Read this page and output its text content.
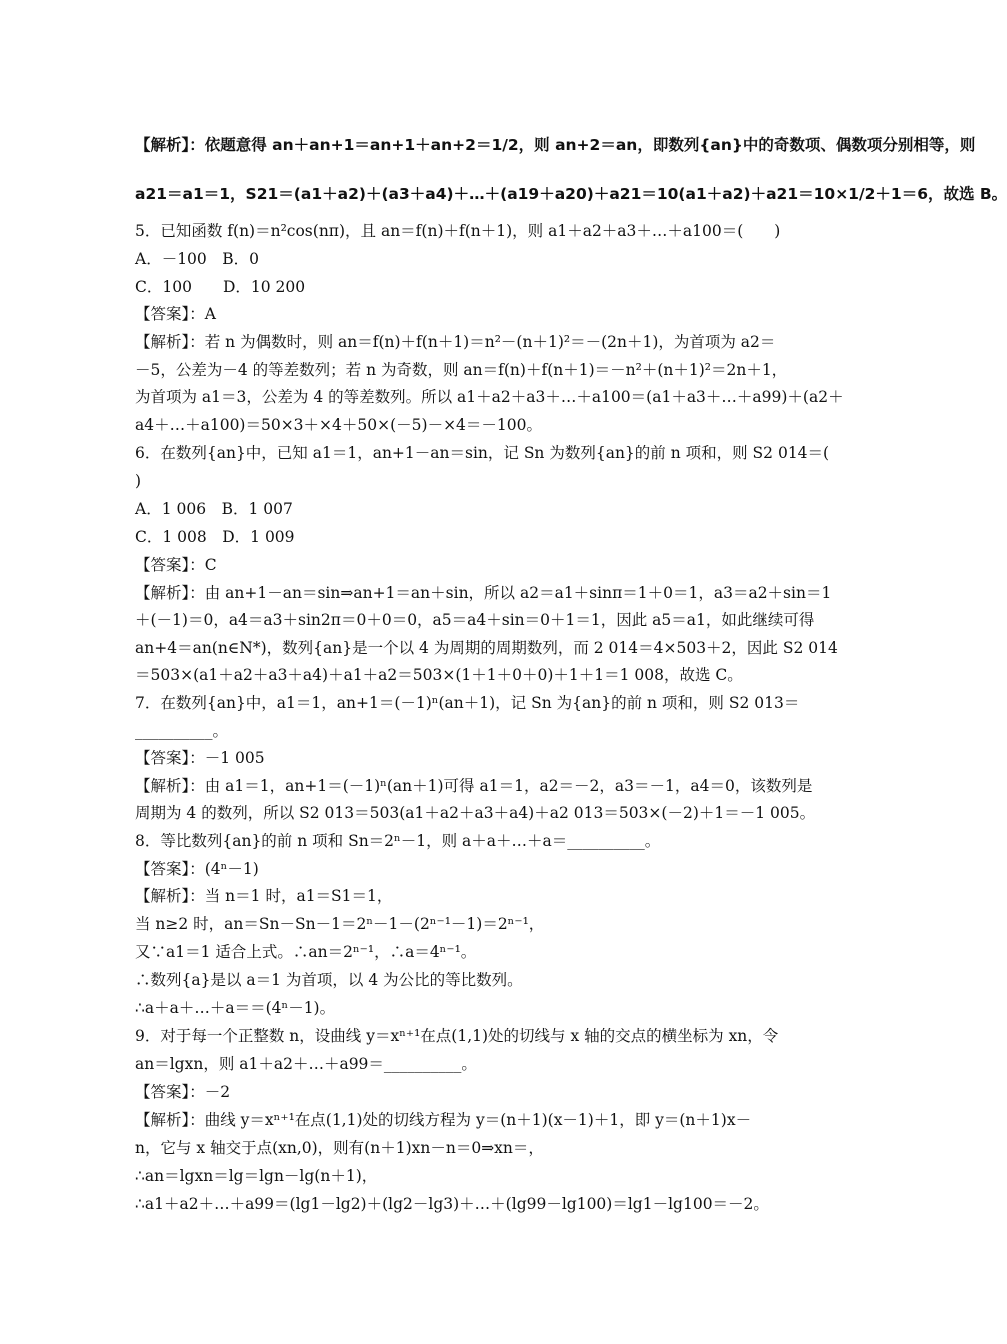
【解析】：依题意得 an＋an+1＝an+1＋an+2＝1/2，则 an+2＝an，即数列{an}中的奇数项、偶数项分别相等，则
a21＝a1＝1，S21＝(a1＋a2)＋(a3＋a4)＋…＋(a19＋a20)＋a21＝10(a1＋a2)＋a21＝10×1/2＋1＝6，故选 B。
5．已知函数 f(n)＝n²cos(nπ)，且 an＝f(n)＋f(n＋1)，则 a1＋a2＋a3＋…＋a100＝(　　)
A．－100　B．0
C．100　　D．10 200
【答案】：A
【解析】：若 n 为偶数时，则 an＝f(n)＋f(n＋1)＝n²－(n＋1)²＝－(2n＋1)，为首项为 a2＝
－5，公差为－4 的等差数列；若 n 为奇数，则 an＝f(n)＋f(n＋1)＝－n²＋(n＋1)²＝2n＋1，
为首项为 a1＝3，公差为 4 的等差数列。所以 a1＋a2＋a3＋…＋a100＝(a1＋a3＋…＋a99)＋(a2＋
a4＋…＋a100)＝50×3＋×4＋50×(－5)－×4＝－100。
6．在数列{an}中，已知 a1＝1，an+1－an＝sin，记 Sn 为数列{an}的前 n 项和，则 S2 014＝(
)
A．1 006　B．1 007
C．1 008　D．1 009
【答案】：C
【解析】：由 an+1－an＝sin⇒an+1＝an＋sin，所以 a2＝a1＋sinπ＝1＋0＝1，a3＝a2＋sin＝1
＋(－1)＝0，a4＝a3＋sin2π＝0＋0＝0，a5＝a4＋sin＝0＋1＝1，因此 a5＝a1，如此继续可得
an+4＝an(n∈N*)，数列{an}是一个以 4 为周期的周期数列，而 2 014＝4×503＋2，因此 S2 014
＝503×(a1＋a2＋a3＋a4)＋a1＋a2＝503×(1＋1＋0＋0)＋1＋1＝1 008，故选 C。
7．在数列{an}中，a1＝1，an+1＝(－1)ⁿ(an＋1)，记 Sn 为{an}的前 n 项和，则 S2 013＝
__________。
【答案】：－1 005
【解析】：由 a1＝1，an+1＝(－1)ⁿ(an＋1)可得 a1＝1，a2＝－2，a3＝－1，a4＝0，该数列是
周期为 4 的数列，所以 S2 013＝503(a1＋a2＋a3＋a4)＋a2 013＝503×(－2)＋1＝－1 005。
8．等比数列{an}的前 n 项和 Sn＝2ⁿ－1，则 a＋a＋…＋a＝__________。
【答案】：(4ⁿ－1)
【解析】：当 n＝1 时，a1＝S1＝1，
当 n≥2 时，an＝Sn－Sn－1＝2ⁿ－1－(2ⁿ⁻¹－1)＝2ⁿ⁻¹，
又∵a1＝1 适合上式。∴an＝2ⁿ⁻¹，∴a＝4ⁿ⁻¹。
∴数列{a}是以 a＝1 为首项，以 4 为公比的等比数列。
∴a＋a＋…＋a＝＝(4ⁿ－1)。
9．对于每一个正整数 n，设曲线 y＝xⁿ⁺¹在点(1,1)处的切线与 x 轴的交点的横坐标为 xn，令
an＝lgxn，则 a1＋a2＋…＋a99＝__________。
【答案】：－2
【解析】：曲线 y＝xⁿ⁺¹在点(1,1)处的切线方程为 y＝(n＋1)(x－1)＋1，即 y＝(n＋1)x－
n，它与 x 轴交于点(xn,0)，则有(n＋1)xn－n＝0⇒xn＝，
∴an＝lgxn＝lg＝lgn－lg(n＋1)，
∴a1＋a2＋…＋a99＝(lg1－lg2)＋(lg2－lg3)＋…＋(lg99－lg100)＝lg1－lg100＝－2。
